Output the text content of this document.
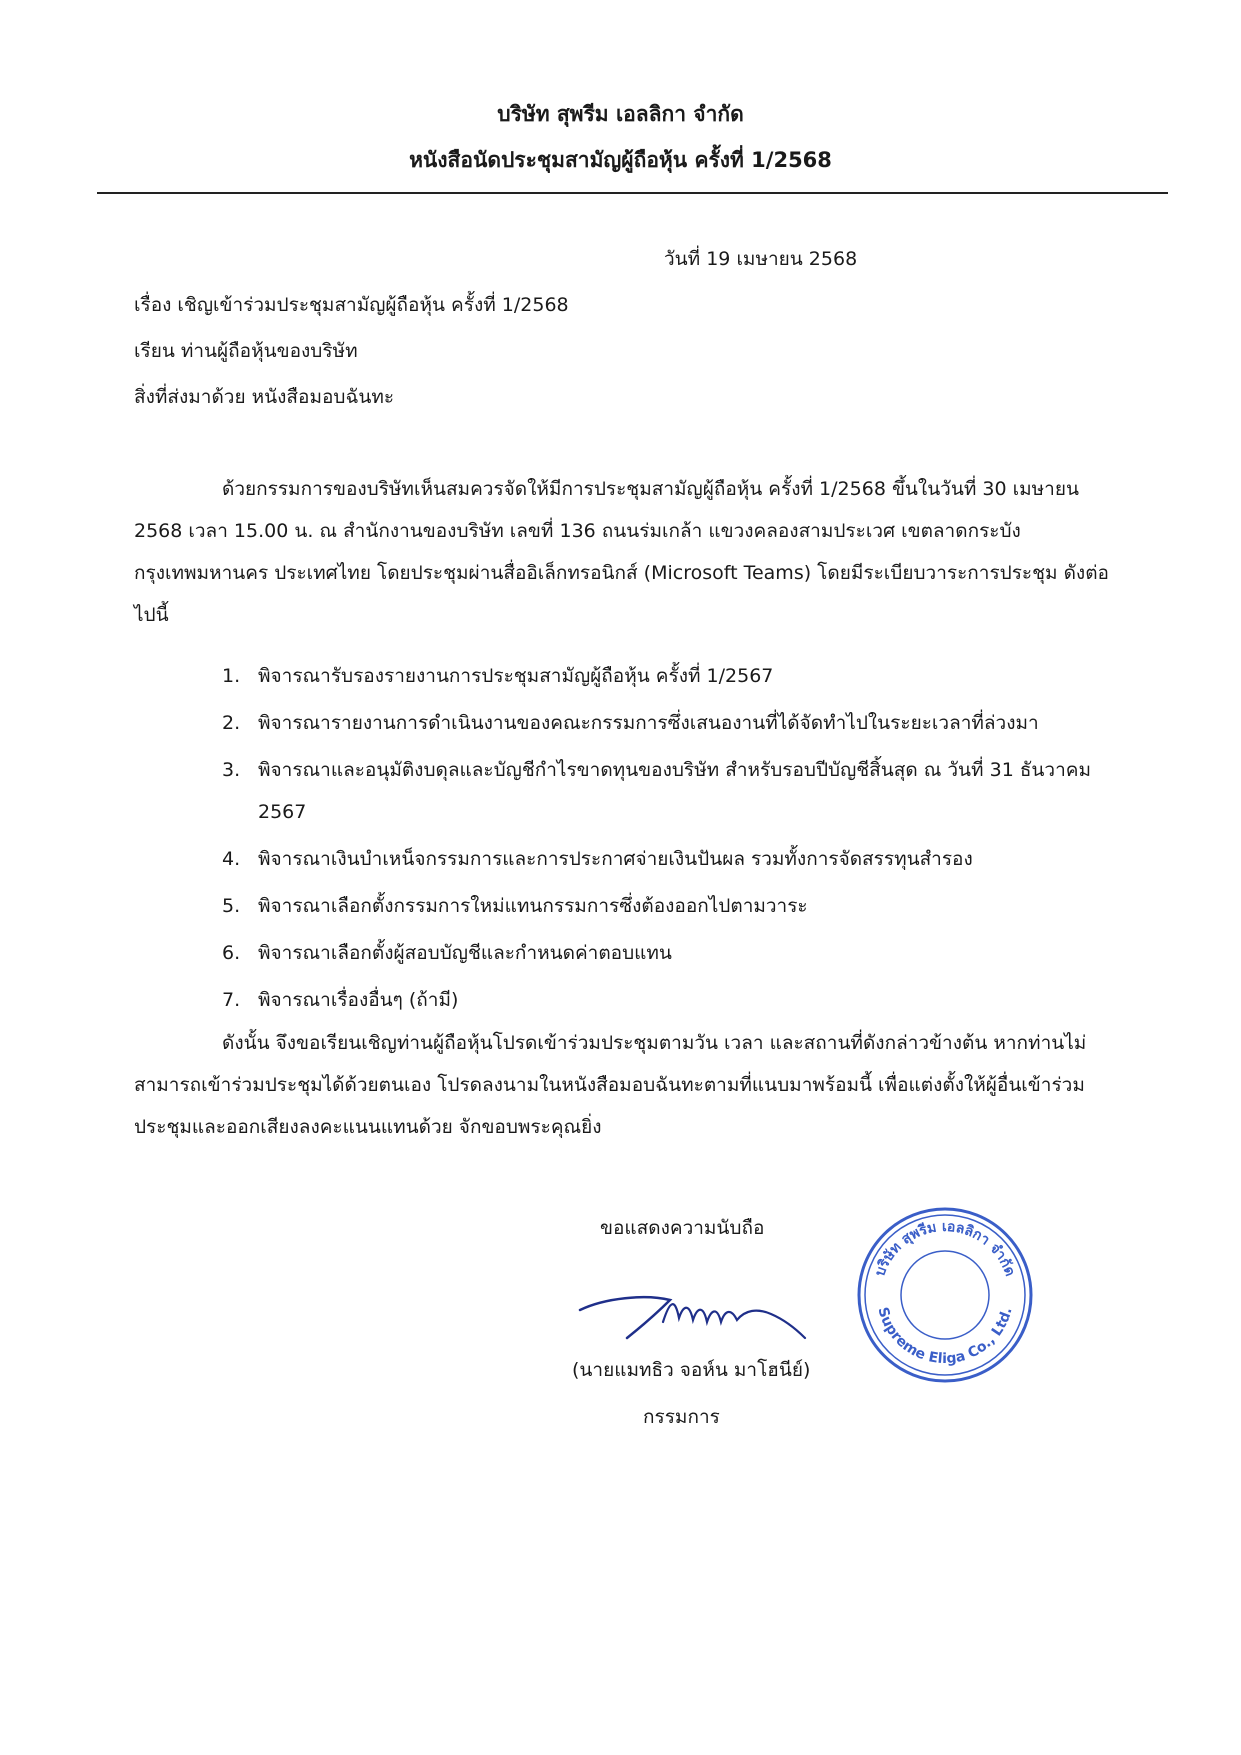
บริษัท สุพรีม เอลลิกา จำกัด
หนังสือนัดประชุมสามัญผู้ถือหุ้น ครั้งที่ 1/2568
วันที่ 19 เมษายน 2568
เรื่อง เชิญเข้าร่วมประชุมสามัญผู้ถือหุ้น ครั้งที่ 1/2568
เรียน ท่านผู้ถือหุ้นของบริษัท
สิ่งที่ส่งมาด้วย หนังสือมอบฉันทะ

ด้วยกรรมการของบริษัทเห็นสมควรจัดให้มีการประชุมสามัญผู้ถือหุ้น ครั้งที่ 1/2568 ขึ้นในวันที่ 30 เมษายน 2568 เวลา 15.00 น. ณ สำนักงานของบริษัท เลขที่ 136 ถนนร่มเกล้า แขวงคลองสามประเวศ เขตลาดกระบัง กรุงเทพมหานคร ประเทศไทย โดยประชุมผ่านสื่ออิเล็กทรอนิกส์ (Microsoft Teams) โดยมีระเบียบวาระการประชุม ดังต่อไปนี้

1. พิจารณารับรองรายงานการประชุมสามัญผู้ถือหุ้น ครั้งที่ 1/2567
2. พิจารณารายงานการดำเนินงานของคณะกรรมการซึ่งเสนองานที่ได้จัดทำไปในระยะเวลาที่ล่วงมา
3. พิจารณาและอนุมัติงบดุลและบัญชีกำไรขาดทุนของบริษัท สำหรับรอบปีบัญชีสิ้นสุด ณ วันที่ 31 ธันวาคม 2567
4. พิจารณาเงินบำเหน็จกรรมการและการประกาศจ่ายเงินปันผล รวมทั้งการจัดสรรทุนสำรอง
5. พิจารณาเลือกตั้งกรรมการใหม่แทนกรรมการซึ่งต้องออกไปตามวาระ
6. พิจารณาเลือกตั้งผู้สอบบัญชีและกำหนดค่าตอบแทน
7. พิจารณาเรื่องอื่นๆ (ถ้ามี)

ดังนั้น จึงขอเรียนเชิญท่านผู้ถือหุ้นโปรดเข้าร่วมประชุมตามวัน เวลา และสถานที่ดังกล่าวข้างต้น หากท่านไม่สามารถเข้าร่วมประชุมได้ด้วยตนเอง โปรดลงนามในหนังสือมอบฉันทะตามที่แนบมาพร้อมนี้ เพื่อแต่งตั้งให้ผู้อื่นเข้าร่วมประชุมและออกเสียงลงคะแนนแทนด้วย จักขอบพระคุณยิ่ง

ขอแสดงความนับถือ
(นายแมทธิว จอห์น มาโฮนีย์)
กรรมการ
บริษัท สุพรีม เอลลิกา จำกัด
Supreme Eliga Co., Ltd.
